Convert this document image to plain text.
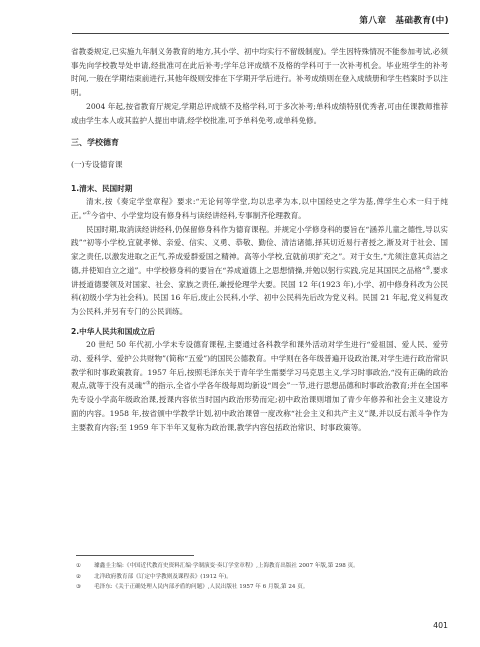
第八章　基础教育(中)

省教委规定,已实施九年制义务教育的地方,其小学、初中均实行不留级制度)。学生因特殊情况不能参加考试,必须事先向学校教导处申请,经批准可在此后补考;学年总评成绩不及格的学科可于一次补考机会。毕业班学生的补考时间,一般在学期结束前进行,其他年级则安排在下学期开学后进行。补考成绩则在登入成绩册和学生档案时予以注明。

2004 年起,按省教育厅规定,学期总评成绩不及格学科,可于多次补考;单科成绩特别优秀者,可由任课教师推荐或由学生本人或其监护人提出申请,经学校批准,可予单科免考,或单科免修。

三、学校德育
(一)专设德育课
1.清末、民国时期

清末,按《奏定学堂章程》要求:“无论何等学堂,均以忠孝为本,以中国经史之学为基,俾学生心术一归于纯正。”①今省中、小学堂均设有修身科与读经讲经科,专事制齐伦理教育。

民国时期,取消读经讲经科,仍保留修身科作为德育课程。并规定小学修身科的要旨在“涵养儿童之德性,导以实践”“初等小学校,宜就孝悌、亲爱、信实、义勇、恭敬、勤俭、清洁诸德,择其切近易行者授之,渐及对于社会、国家之责任,以激发进取之正气,养成爱群爱国之精神。高等小学校,宜就前项扩充之”。对于女生,“尤须注意其贞洁之德,并使知自立之道”。中学校修身科的要旨在“养成道德上之思想情操,并勉以躬行实践,完足其国民之品格”②,要求讲授道德要领及对国家、社会、家族之责任,兼授伦理学大要。民国 12 年(1923 年),小学、初中修身科改为公民科(初级小学为社会科)。民国 16 年后,废止公民科,小学、初中公民科先后改为党义科。民国 21 年起,党义科复改为公民科,并另有专门的公民训练。

2.中华人民共和国成立后

20 世纪 50 年代初,小学未专设德育课程,主要通过各科教学和课外活动对学生进行“爱祖国、爱人民、爱劳动、爱科学、爱护公共财物”(简称“五爱”)的国民公德教育。中学则在各年级普遍开设政治课,对学生进行政治常识教学和时事政策教育。1957 年后,按照毛泽东关于青年学生需要学习马克思主义,学习时事政治,“没有正确的政治观点,就等于没有灵魂”③的指示,全省小学各年级每周均新设“周会”一节,进行思想品德和时事政治教育;并在全国率先专设小学高年级政治课,授课内容依当时国内政治形势而定;初中政治课则增加了青少年修养和社会主义建设方面的内容。1958 年,按省颁中学教学计划,初中政治课曾一度改称“社会主义和共产主义”课,并以反右派斗争作为主要教育内容;至 1959 年下半年又复称为政治课,教学内容包括政治常识、时事政策等。

①	璩鑫圭主编:《中国近代教育史资料汇编·学制演变·奏订学堂章程》,上海教育出版社 2007 年版,第 298 页。
②	北洋政府教育部《订定中学教则及课程表》(1912 年)。
③	毛泽东:《关于正确处理人民内部矛盾的问题》,人民出版社 1957 年 6 月版,第 24 页。
401
